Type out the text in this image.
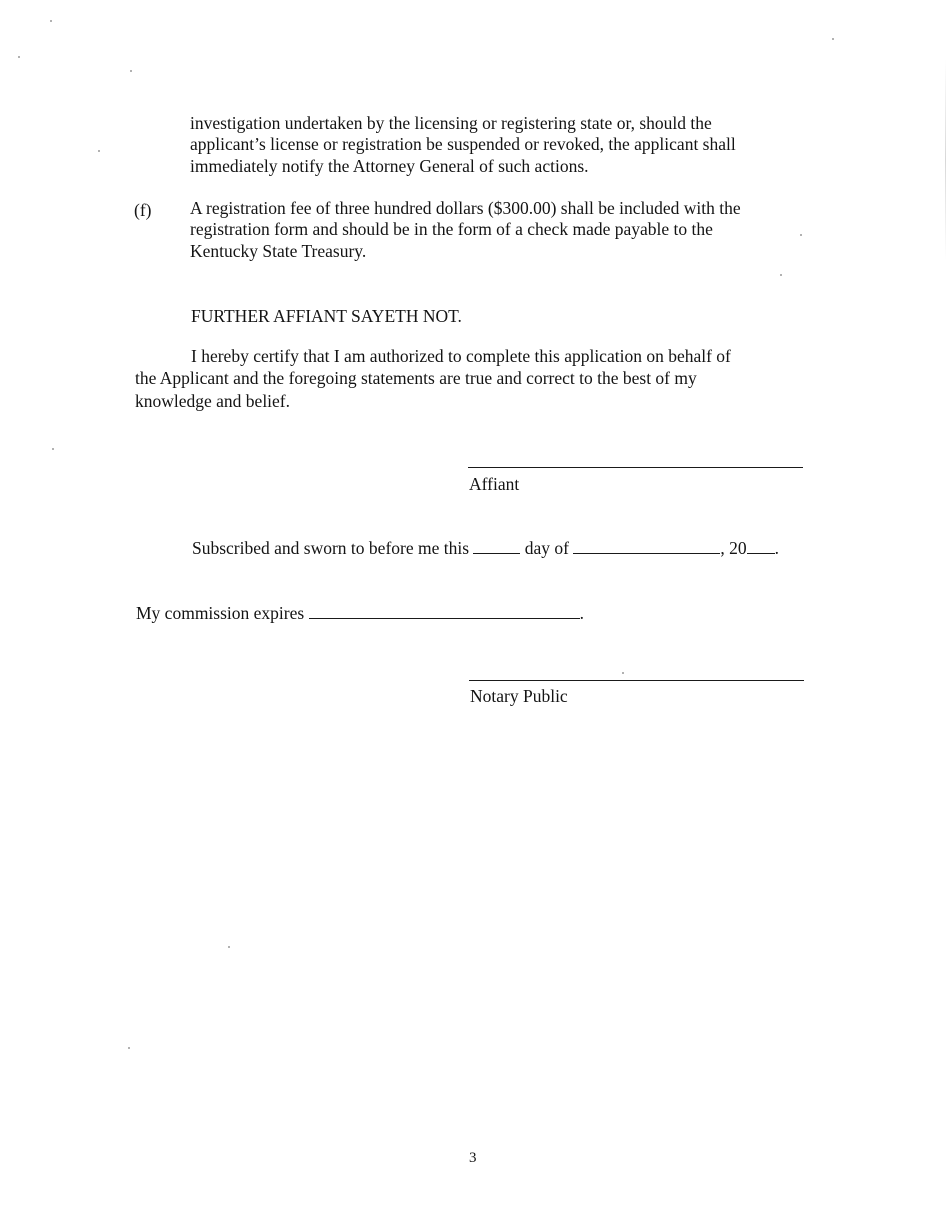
investigation undertaken by the licensing or registering state or, should the
applicant’s license or registration be suspended or revoked, the applicant shall
immediately notify the Attorney General of such actions.
(f) A registration fee of three hundred dollars ($300.00) shall be included with the
registration form and should be in the form of a check made payable to the
Kentucky State Treasury.
FURTHER AFFIANT SAYETH NOT.
I hereby certify that I am authorized to complete this application on behalf of
the Applicant and the foregoing statements are true and correct to the best of my
knowledge and belief.
Affiant
Subscribed and sworn to before me this	day of	, 20 .
My commission expires	.
Notary Public
3
